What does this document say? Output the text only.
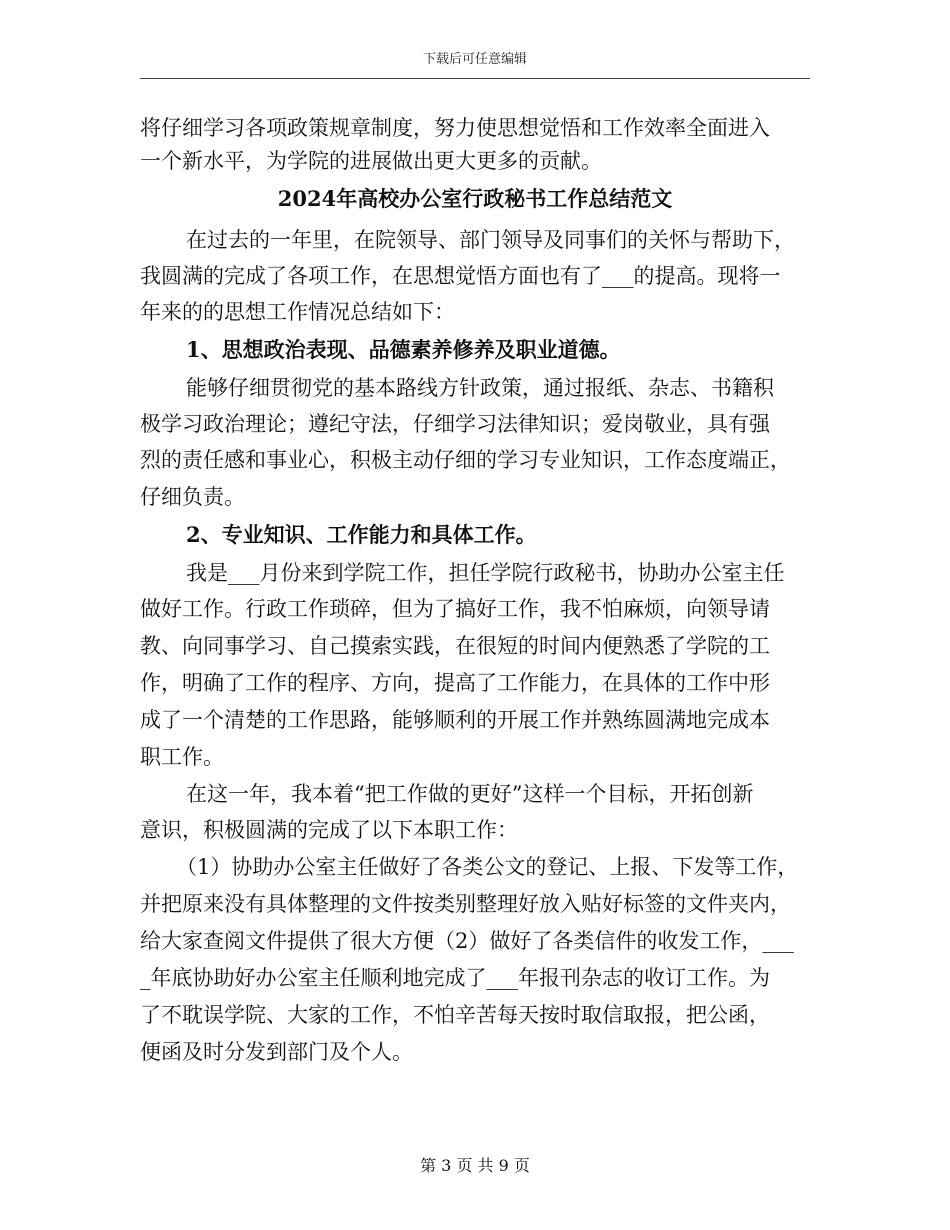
下载后可任意编辑
将仔细学习各项政策规章制度，努力使思想觉悟和工作效率全面进入
一个新水平，为学院的进展做出更大更多的贡献。
2024年高校办公室行政秘书工作总结范文
在过去的一年里，在院领导、部门领导及同事们的关怀与帮助下，
我圆满的完成了各项工作，在思想觉悟方面也有了___的提高。现将一
年来的的思想工作情况总结如下：
1、思想政治表现、品德素养修养及职业道德。
能够仔细贯彻党的基本路线方针政策，通过报纸、杂志、书籍积
极学习政治理论；遵纪守法，仔细学习法律知识；爱岗敬业，具有强
烈的责任感和事业心，积极主动仔细的学习专业知识，工作态度端正，
仔细负责。
2、专业知识、工作能力和具体工作。
我是___月份来到学院工作，担任学院行政秘书，协助办公室主任
做好工作。行政工作琐碎，但为了搞好工作，我不怕麻烦，向领导请
教、向同事学习、自己摸索实践，在很短的时间内便熟悉了学院的工
作，明确了工作的程序、方向，提高了工作能力，在具体的工作中形
成了一个清楚的工作思路，能够顺利的开展工作并熟练圆满地完成本
职工作。
在这一年，我本着“把工作做的更好”这样一个目标，开拓创新
意识，积极圆满的完成了以下本职工作：
（1）协助办公室主任做好了各类公文的登记、上报、下发等工作，
并把原来没有具体整理的文件按类别整理好放入贴好标签的文件夹内，
给大家查阅文件提供了很大方便（2）做好了各类信件的收发工作，___
_年底协助好办公室主任顺利地完成了___年报刊杂志的收订工作。为
了不耽误学院、大家的工作，不怕辛苦每天按时取信取报，把公函，
便函及时分发到部门及个人。
第 3 页 共 9 页
